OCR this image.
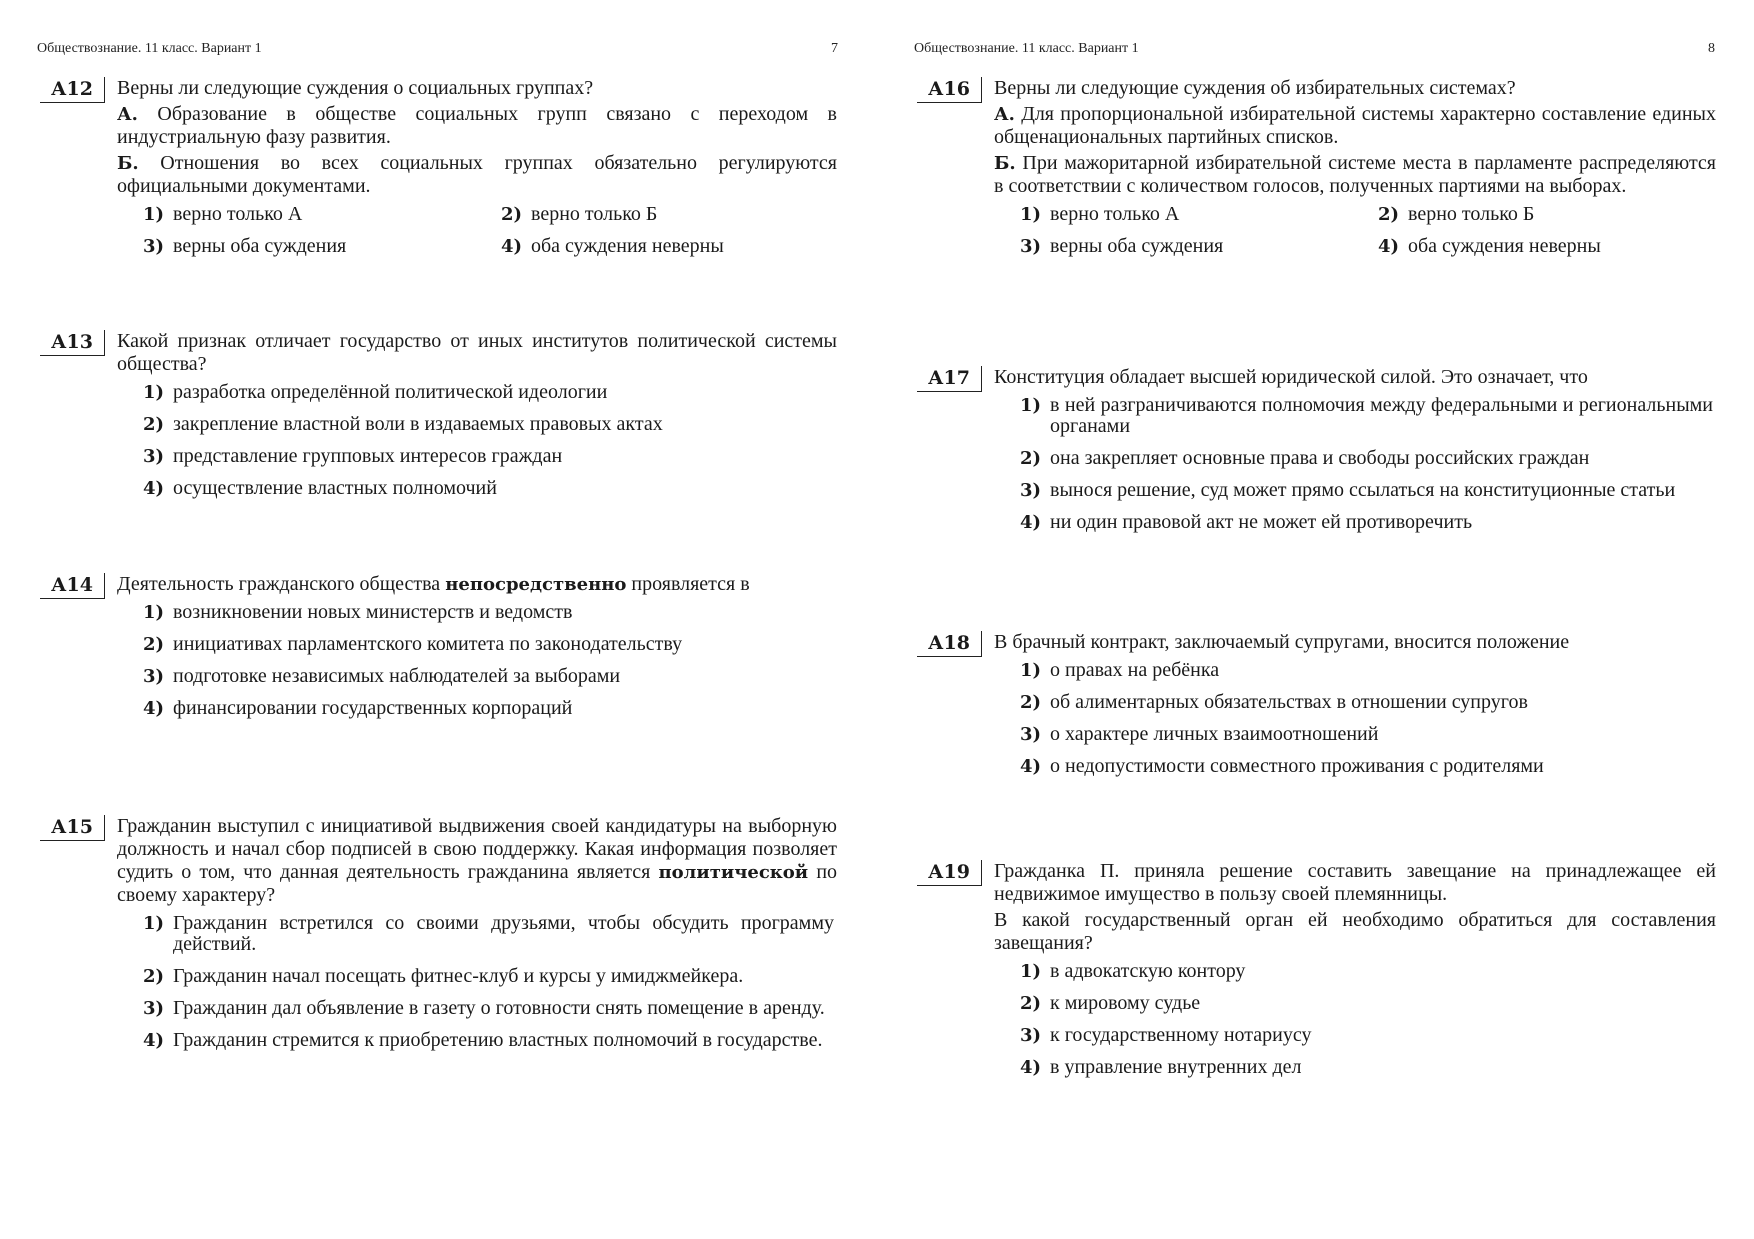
Обществознание. 11 класс. Вариант 1	7
А12	Верны ли следующие суждения о социальных группах?

А. Образование в обществе социальных групп связано с переходом в индустриальную фазу развития.

Б. Отношения во всех социальных группах обязательно регулируются официальными документами.

1) верно только А	2) верно только Б
3) верны оба суждения	4) оба суждения неверны
А13	Какой признак отличает государство от иных институтов политической системы общества?

1) разработка определённой политической идеологии
2) закрепление властной воли в издаваемых правовых актах
3) представление групповых интересов граждан
4) осуществление властных полномочий
А14	Деятельность гражданского общества непосредственно проявляется в

1) возникновении новых министерств и ведомств
2) инициативах парламентского комитета по законодательству
3) подготовке независимых наблюдателей за выборами
4) финансировании государственных корпораций
А15	Гражданин выступил с инициативой выдвижения своей кандидатуры на выборную должность и начал сбор подписей в свою поддержку. Какая информация позволяет судить о том, что данная деятельность гражданина является политической по своему характеру?

1) Гражданин встретился со своими друзьями, чтобы обсудить программу действий.
2) Гражданин начал посещать фитнес-клуб и курсы у имиджмейкера.
3) Гражданин дал объявление в газету о готовности снять помещение в аренду.
4) Гражданин стремится к приобретению властных полномочий в государстве.
Обществознание. 11 класс. Вариант 1	8
А16	Верны ли следующие суждения об избирательных системах?

А. Для пропорциональной избирательной системы характерно составление единых общенациональных партийных списков.

Б. При мажоритарной избирательной системе места в парламенте распределяются в соответствии с количеством голосов, полученных партиями на выборах.

1) верно только А	2) верно только Б
3) верны оба суждения	4) оба суждения неверны
А17	Конституция обладает высшей юридической силой. Это означает, что

1) в ней разграничиваются полномочия между федеральными и региональными органами
2) она закрепляет основные права и свободы российских граждан
3) вынося решение, суд может прямо ссылаться на конституционные статьи
4) ни один правовой акт не может ей противоречить
А18	В брачный контракт, заключаемый супругами, вносится положение

1) о правах на ребёнка
2) об алиментарных обязательствах в отношении супругов
3) о характере личных взаимоотношений
4) о недопустимости совместного проживания с родителями
А19	Гражданка П. приняла решение составить завещание на принадлежащее ей недвижимое имущество в пользу своей племянницы.

В какой государственный орган ей необходимо обратиться для составления завещания?

1) в адвокатскую контору
2) к мировому судье
3) к государственному нотариусу
4) в управление внутренних дел
